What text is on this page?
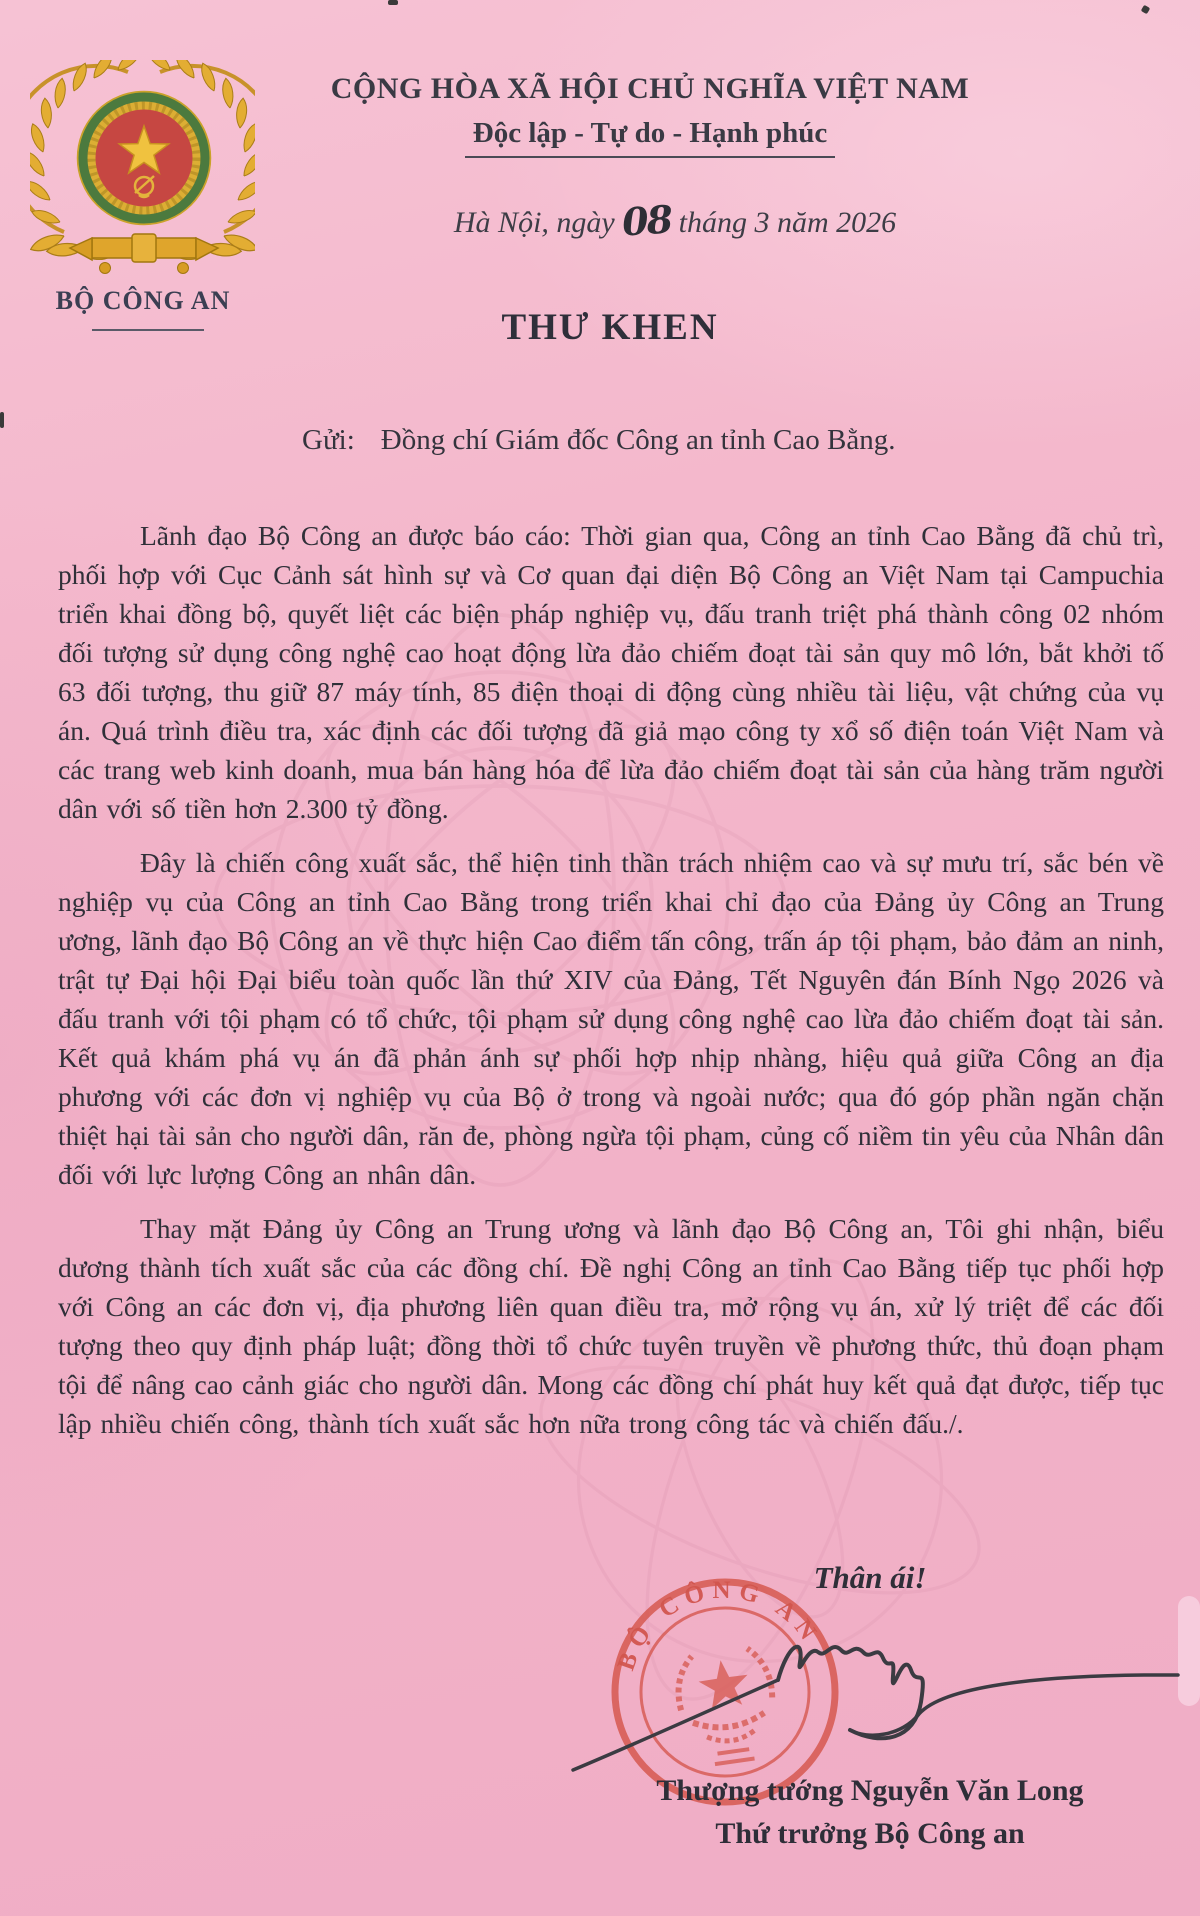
BỘ CÔNG AN
CỘNG HÒA XÃ HỘI CHỦ NGHĨA VIỆT NAM
Độc lập - Tự do - Hạnh phúc
Hà Nội, ngày 08 tháng 3 năm 2026
THƯ KHEN
Gửi: Đồng chí Giám đốc Công an tỉnh Cao Bằng.

Lãnh đạo Bộ Công an được báo cáo: Thời gian qua, Công an tỉnh Cao Bằng đã chủ trì, phối hợp với Cục Cảnh sát hình sự và Cơ quan đại diện Bộ Công an Việt Nam tại Campuchia triển khai đồng bộ, quyết liệt các biện pháp nghiệp vụ, đấu tranh triệt phá thành công 02 nhóm đối tượng sử dụng công nghệ cao hoạt động lừa đảo chiếm đoạt tài sản quy mô lớn, bắt khởi tố 63 đối tượng, thu giữ 87 máy tính, 85 điện thoại di động cùng nhiều tài liệu, vật chứng của vụ án. Quá trình điều tra, xác định các đối tượng đã giả mạo công ty xổ số điện toán Việt Nam và các trang web kinh doanh, mua bán hàng hóa để lừa đảo chiếm đoạt tài sản của hàng trăm người dân với số tiền hơn 2.300 tỷ đồng.

Đây là chiến công xuất sắc, thể hiện tinh thần trách nhiệm cao và sự mưu trí, sắc bén về nghiệp vụ của Công an tỉnh Cao Bằng trong triển khai chỉ đạo của Đảng ủy Công an Trung ương, lãnh đạo Bộ Công an về thực hiện Cao điểm tấn công, trấn áp tội phạm, bảo đảm an ninh, trật tự Đại hội Đại biểu toàn quốc lần thứ XIV của Đảng, Tết Nguyên đán Bính Ngọ 2026 và đấu tranh với tội phạm có tổ chức, tội phạm sử dụng công nghệ cao lừa đảo chiếm đoạt tài sản. Kết quả khám phá vụ án đã phản ánh sự phối hợp nhịp nhàng, hiệu quả giữa Công an địa phương với các đơn vị nghiệp vụ của Bộ ở trong và ngoài nước; qua đó góp phần ngăn chặn thiệt hại tài sản cho người dân, răn đe, phòng ngừa tội phạm, củng cố niềm tin yêu của Nhân dân đối với lực lượng Công an nhân dân.

Thay mặt Đảng ủy Công an Trung ương và lãnh đạo Bộ Công an, Tôi ghi nhận, biểu dương thành tích xuất sắc của các đồng chí. Đề nghị Công an tỉnh Cao Bằng tiếp tục phối hợp với Công an các đơn vị, địa phương liên quan điều tra, mở rộng vụ án, xử lý triệt để các đối tượng theo quy định pháp luật; đồng thời tổ chức tuyên truyền về phương thức, thủ đoạn phạm tội để nâng cao cảnh giác cho người dân. Mong các đồng chí phát huy kết quả đạt được, tiếp tục lập nhiều chiến công, thành tích xuất sắc hơn nữa trong công tác và chiến đấu./.

Thân ái!
BỘ CÔNG AN
Thượng tướng Nguyễn Văn Long
Thứ trưởng Bộ Công an
